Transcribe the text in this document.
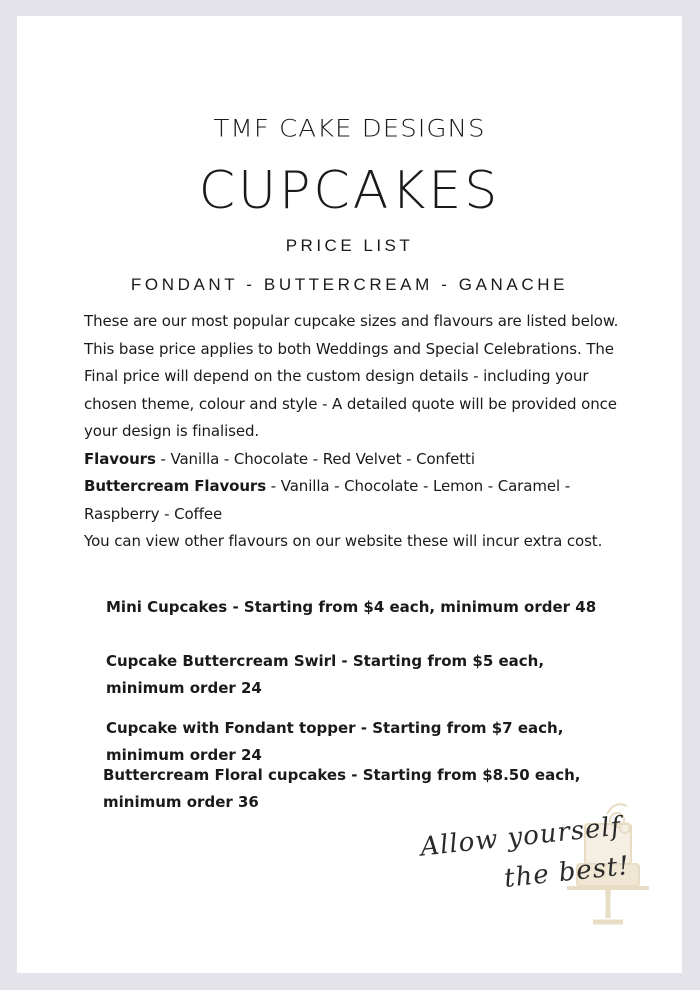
TMF CAKE DESIGNS
CUPCAKES
PRICE LIST
FONDANT - BUTTERCREAM - GANACHE

These are our most popular cupcake sizes and flavours are listed below. This base price applies to both Weddings and Special Celebrations. The Final price will depend on the custom design details - including your chosen theme, colour and style - A detailed quote will be provided once your design is finalised.

Flavours - Vanilla - Chocolate - Red Velvet - Confetti

Buttercream Flavours - Vanilla - Chocolate - Lemon - Caramel - Raspberry - Coffee

You can view other flavours on our website these will incur extra cost.

Mini Cupcakes - Starting from $4 each, minimum order 48
Cupcake Buttercream Swirl - Starting from $5 each, minimum order 24
Cupcake with Fondant topper - Starting from $7 each, minimum order 24
Buttercream Floral cupcakes - Starting from $8.50 each, minimum order 36
Allow yourself
the best!
